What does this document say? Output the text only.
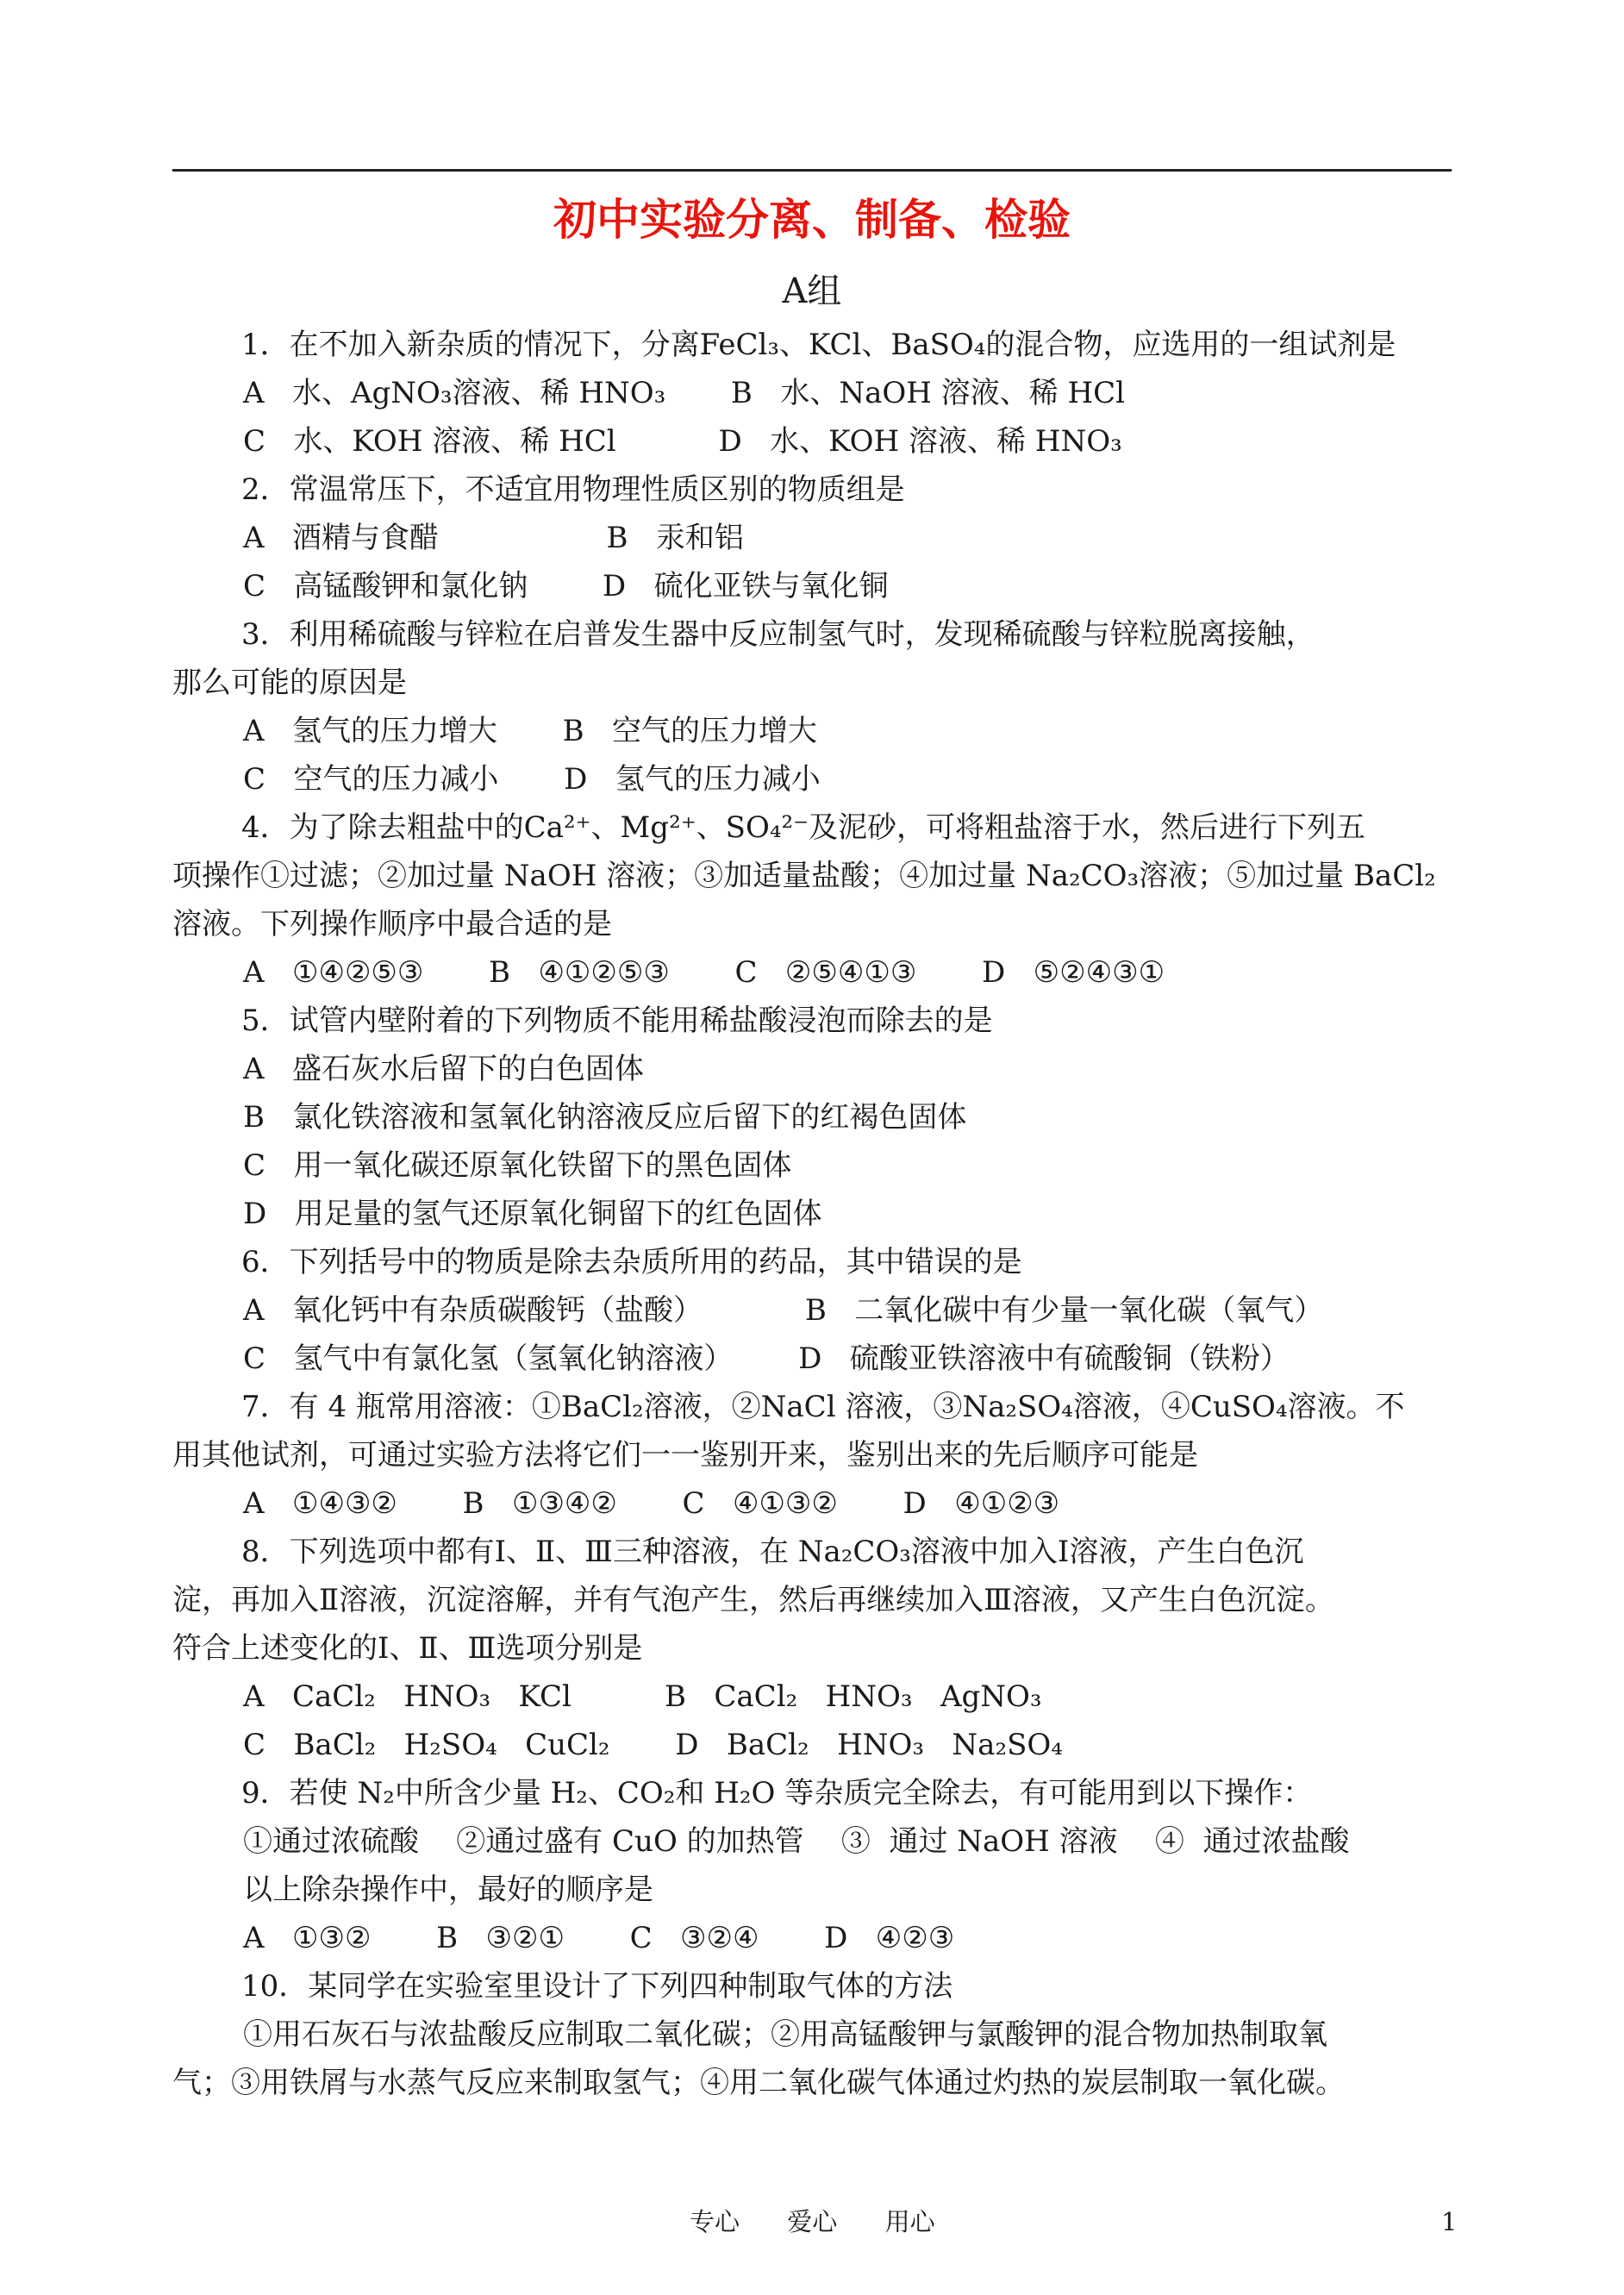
初中实验分离、制备、检验
A组
1．在不加入新杂质的情况下，分离FeCl₃、KCl、BaSO₄的混合物，应选用的一组试剂是
A   水、AgNO₃溶液、稀 HNO₃       B   水、NaOH 溶液、稀 HCl
C   水、KOH 溶液、稀 HCl           D   水、KOH 溶液、稀 HNO₃
2．常温常压下，不适宜用物理性质区别的物质组是
A   酒精与食醋                  B   汞和铝
C   高锰酸钾和氯化钠        D   硫化亚铁与氧化铜
3．利用稀硫酸与锌粒在启普发生器中反应制氢气时，发现稀硫酸与锌粒脱离接触，
那么可能的原因是
A   氢气的压力增大       B   空气的压力增大
C   空气的压力减小       D   氢气的压力减小
4．为了除去粗盐中的Ca²⁺、Mg²⁺、SO₄²⁻及泥砂，可将粗盐溶于水，然后进行下列五
项操作①过滤；②加过量 NaOH 溶液；③加适量盐酸；④加过量 Na₂CO₃溶液；⑤加过量 BaCl₂
溶液。下列操作顺序中最合适的是
A   ①④②⑤③       B   ④①②⑤③       C   ②⑤④①③       D   ⑤②④③①
5．试管内壁附着的下列物质不能用稀盐酸浸泡而除去的是
A   盛石灰水后留下的白色固体
B   氯化铁溶液和氢氧化钠溶液反应后留下的红褐色固体
C   用一氧化碳还原氧化铁留下的黑色固体
D   用足量的氢气还原氧化铜留下的红色固体
6．下列括号中的物质是除去杂质所用的药品，其中错误的是
A   氧化钙中有杂质碳酸钙（盐酸）           B   二氧化碳中有少量一氧化碳（氧气）
C   氢气中有氯化氢（氢氧化钠溶液）       D   硫酸亚铁溶液中有硫酸铜（铁粉）
7．有 4 瓶常用溶液：①BaCl₂溶液，②NaCl 溶液，③Na₂SO₄溶液，④CuSO₄溶液。不
用其他试剂，可通过实验方法将它们一一鉴别开来，鉴别出来的先后顺序可能是
A   ①④③②       B   ①③④②       C   ④①③②       D   ④①②③
8．下列选项中都有Ⅰ、Ⅱ、Ⅲ三种溶液，在 Na₂CO₃溶液中加入Ⅰ溶液，产生白色沉
淀，再加入Ⅱ溶液，沉淀溶解，并有气泡产生，然后再继续加入Ⅲ溶液，又产生白色沉淀。
符合上述变化的Ⅰ、Ⅱ、Ⅲ选项分别是
A   CaCl₂   HNO₃   KCl          B   CaCl₂   HNO₃   AgNO₃
C   BaCl₂   H₂SO₄   CuCl₂       D   BaCl₂   HNO₃   Na₂SO₄
9．若使 N₂中所含少量 H₂、CO₂和 H₂O 等杂质完全除去，有可能用到以下操作：
①通过浓硫酸    ②通过盛有 CuO 的加热管    ③  通过 NaOH 溶液    ④  通过浓盐酸
以上除杂操作中，最好的顺序是
A   ①③②       B   ③②①       C   ③②④       D   ④②③
10．某同学在实验室里设计了下列四种制取气体的方法
①用石灰石与浓盐酸反应制取二氧化碳；②用高锰酸钾与氯酸钾的混合物加热制取氧
气；③用铁屑与水蒸气反应来制取氢气；④用二氧化碳气体通过灼热的炭层制取一氧化碳。
专心      爱心      用心	1
